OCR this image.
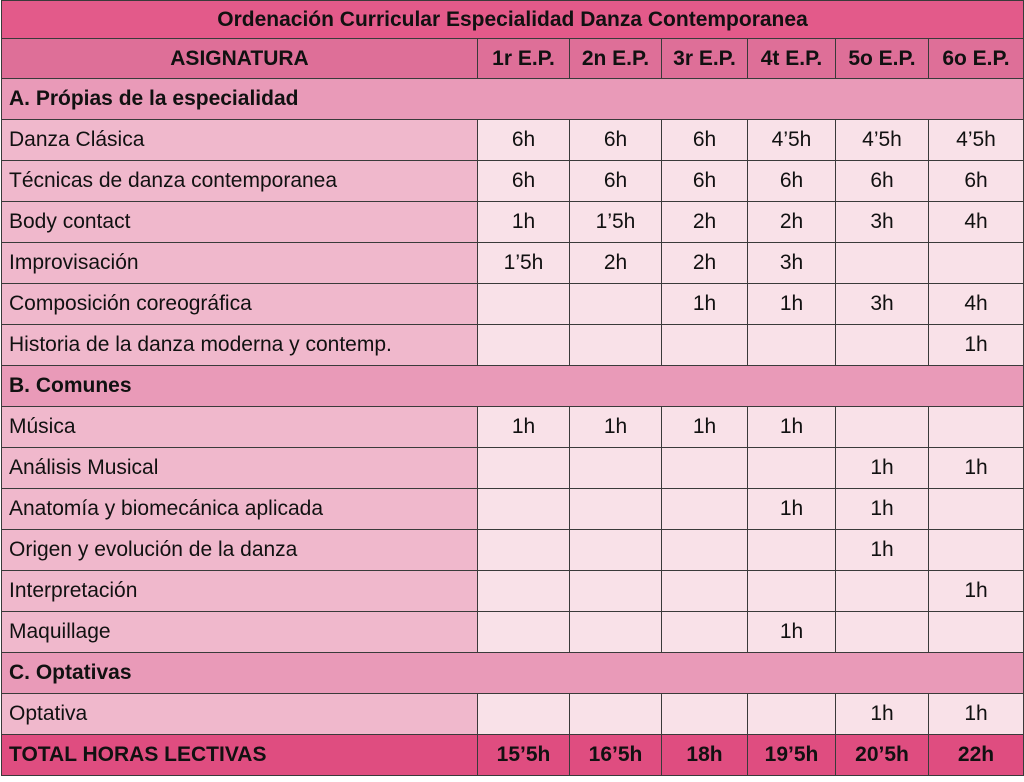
Ordenación Curricular Especialidad Danza Contemporanea						
ASIGNATURA	1r E.P.	2n E.P.	3r E.P.	4t E.P.	5o E.P.	6o E.P.
A. Própias de la especialidad						
Danza Clásica	6h	6h	6h	4’5h	4’5h	4’5h
Técnicas de danza contemporanea	6h	6h	6h	6h	6h	6h
Body contact	1h	1’5h	2h	2h	3h	4h
Improvisación	1’5h	2h	2h	3h		
Composición coreográfica			1h	1h	3h	4h
Historia de la danza moderna y contemp.						1h
B. Comunes						
Música	1h	1h	1h	1h		
Análisis Musical					1h	1h
Anatomía y biomecánica aplicada				1h	1h	
Origen y evolución de la danza					1h	
Interpretación						1h
Maquillage				1h		
C. Optativas						
Optativa					1h	1h
TOTAL HORAS LECTIVAS	15’5h	16’5h	18h	19’5h	20’5h	22h
